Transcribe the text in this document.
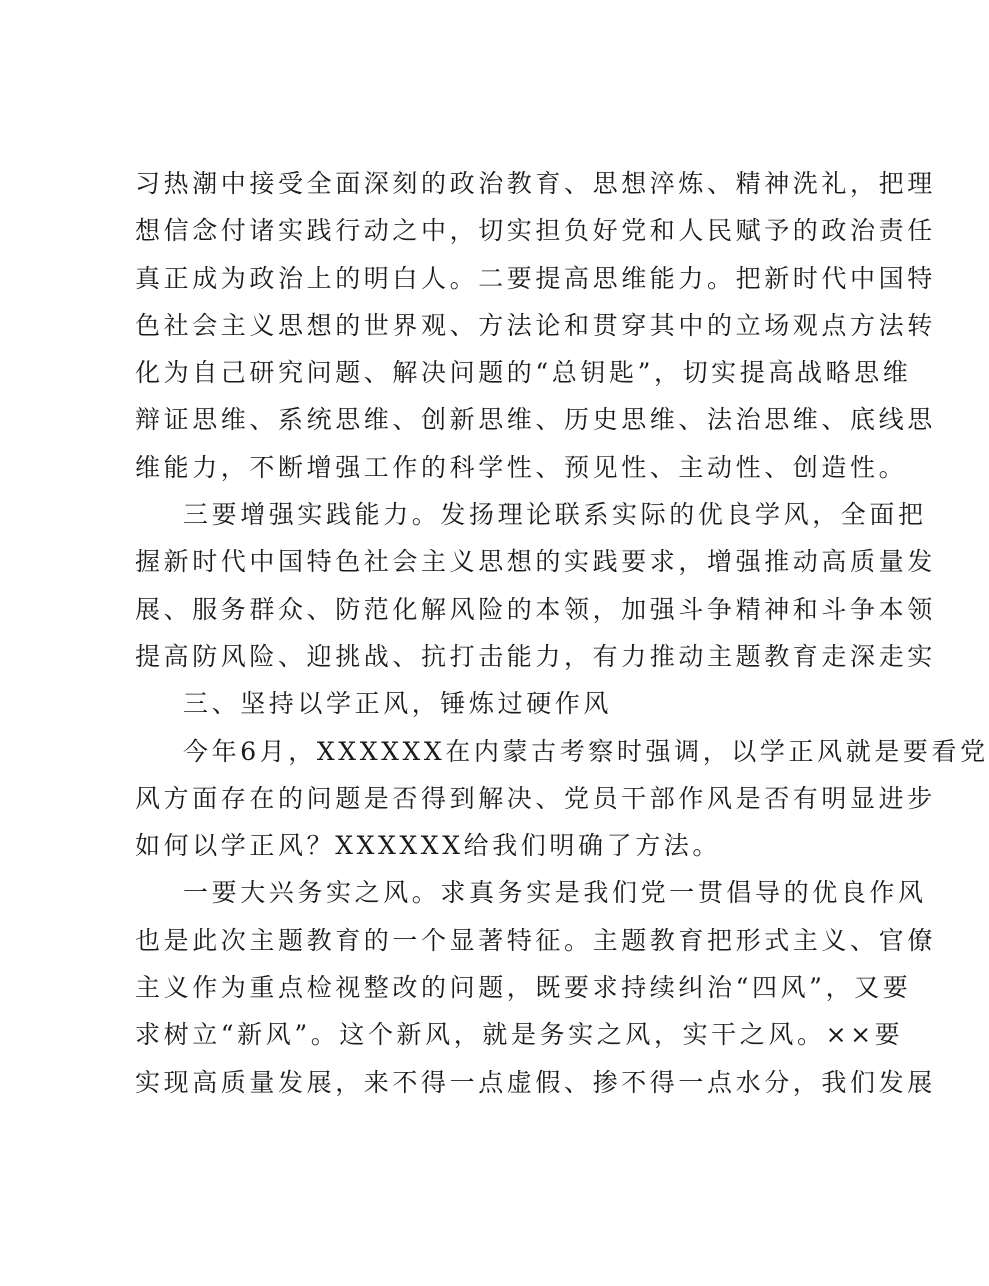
习热潮中接受全面深刻的政治教育、思想淬炼、精神洗礼，把理
想信念付诸实践行动之中，切实担负好党和人民赋予的政治责任
真正成为政治上的明白人。二要提高思维能力。把新时代中国特
色社会主义思想的世界观、方法论和贯穿其中的立场观点方法转
化为自己研究问题、解决问题的“总钥匙”，切实提高战略思维
辩证思维、系统思维、创新思维、历史思维、法治思维、底线思
维能力，不断增强工作的科学性、预见性、主动性、创造性。
三要增强实践能力。发扬理论联系实际的优良学风，全面把
握新时代中国特色社会主义思想的实践要求，增强推动高质量发
展、服务群众、防范化解风险的本领，加强斗争精神和斗争本领
提高防风险、迎挑战、抗打击能力，有力推动主题教育走深走实
三、坚持以学正风，锤炼过硬作风
今年6月，XXXXXX在内蒙古考察时强调，以学正风就是要看党
风方面存在的问题是否得到解决、党员干部作风是否有明显进步
如何以学正风？XXXXXX给我们明确了方法。
一要大兴务实之风。求真务实是我们党一贯倡导的优良作风
也是此次主题教育的一个显著特征。主题教育把形式主义、官僚
主义作为重点检视整改的问题，既要求持续纠治“四风”，又要
求树立“新风”。这个新风，就是务实之风，实干之风。××要
实现高质量发展，来不得一点虚假、掺不得一点水分，我们发展
